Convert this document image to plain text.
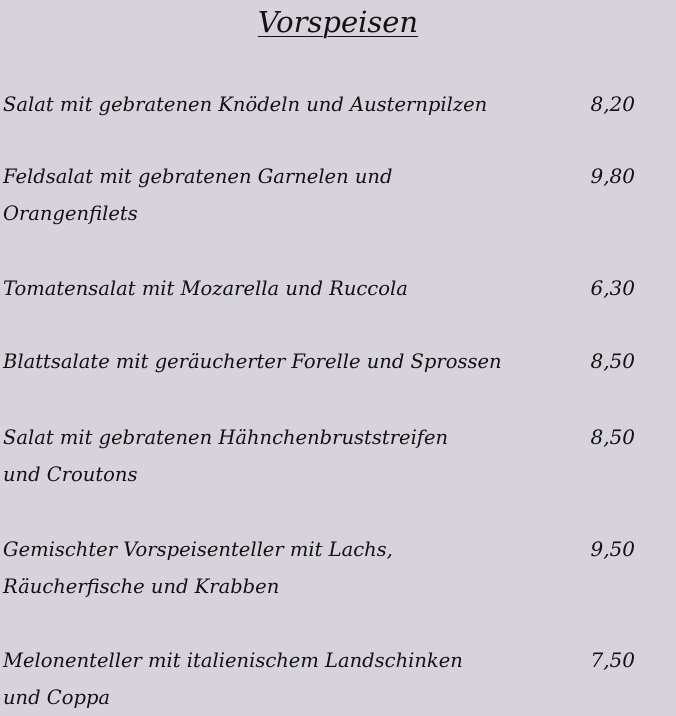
Vorspeisen
Salat mit gebratenen Knödeln und Austernpilzen	8,20
Feldsalat mit gebratenen Garnelen und
Orangenfilets
9,80
Tomatensalat mit Mozarella und Ruccola	6,30
Blattsalate mit geräucherter Forelle und Sprossen	8,50
Salat mit gebratenen Hähnchenbruststreifen
und Croutons
8,50
Gemischter Vorspeisenteller mit Lachs,
Räucherfische und Krabben
9,50
Melonenteller mit italienischem Landschinken
und Coppa
7,50
